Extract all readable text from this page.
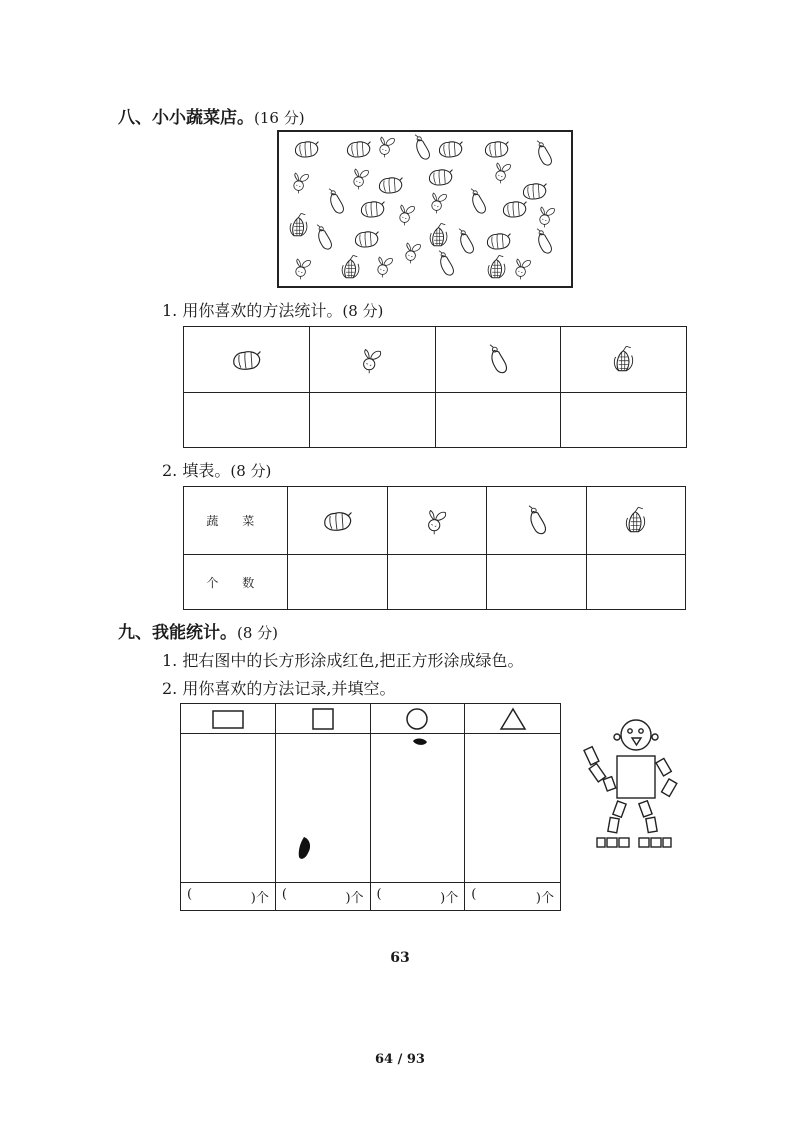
八、小小蔬菜店。(16 分)
1. 用你喜欢的方法统计。(8 分)

2. 填表。(8 分)
蔬 菜	

个 数				
九、我能统计。(8 分)
1. 把右图中的长方形涂成红色,把正方形涂成绿色。
2. 用你喜欢的方法记录,并填空。

( )个	( )个	( )个	( )个
63
64 / 93
